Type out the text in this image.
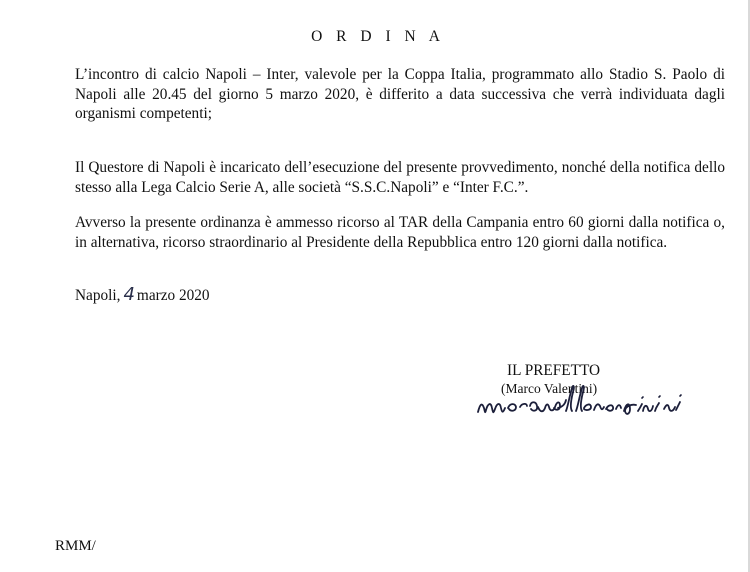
O R D I N A

L’incontro di calcio Napoli – Inter, valevole per la Coppa Italia, programmato allo Stadio S. Paolo di Napoli alle 20.45 del giorno 5 marzo 2020, è differito a data successiva che verrà individuata dagli organismi competenti;

Il Questore di Napoli è incaricato dell’esecuzione del presente provvedimento, nonché della notifica dello stesso alla Lega Calcio Serie A, alle società “S.S.C.Napoli” e “Inter F.C.”.

Avverso la presente ordinanza è ammesso ricorso al TAR della Campania entro 60 giorni dalla notifica o, in alternativa, ricorso straordinario al Presidente della Repubblica entro 120 giorni dalla notifica.

Napoli, 4 marzo 2020
IL PREFETTO
(Marco Valentini)
RMM/
